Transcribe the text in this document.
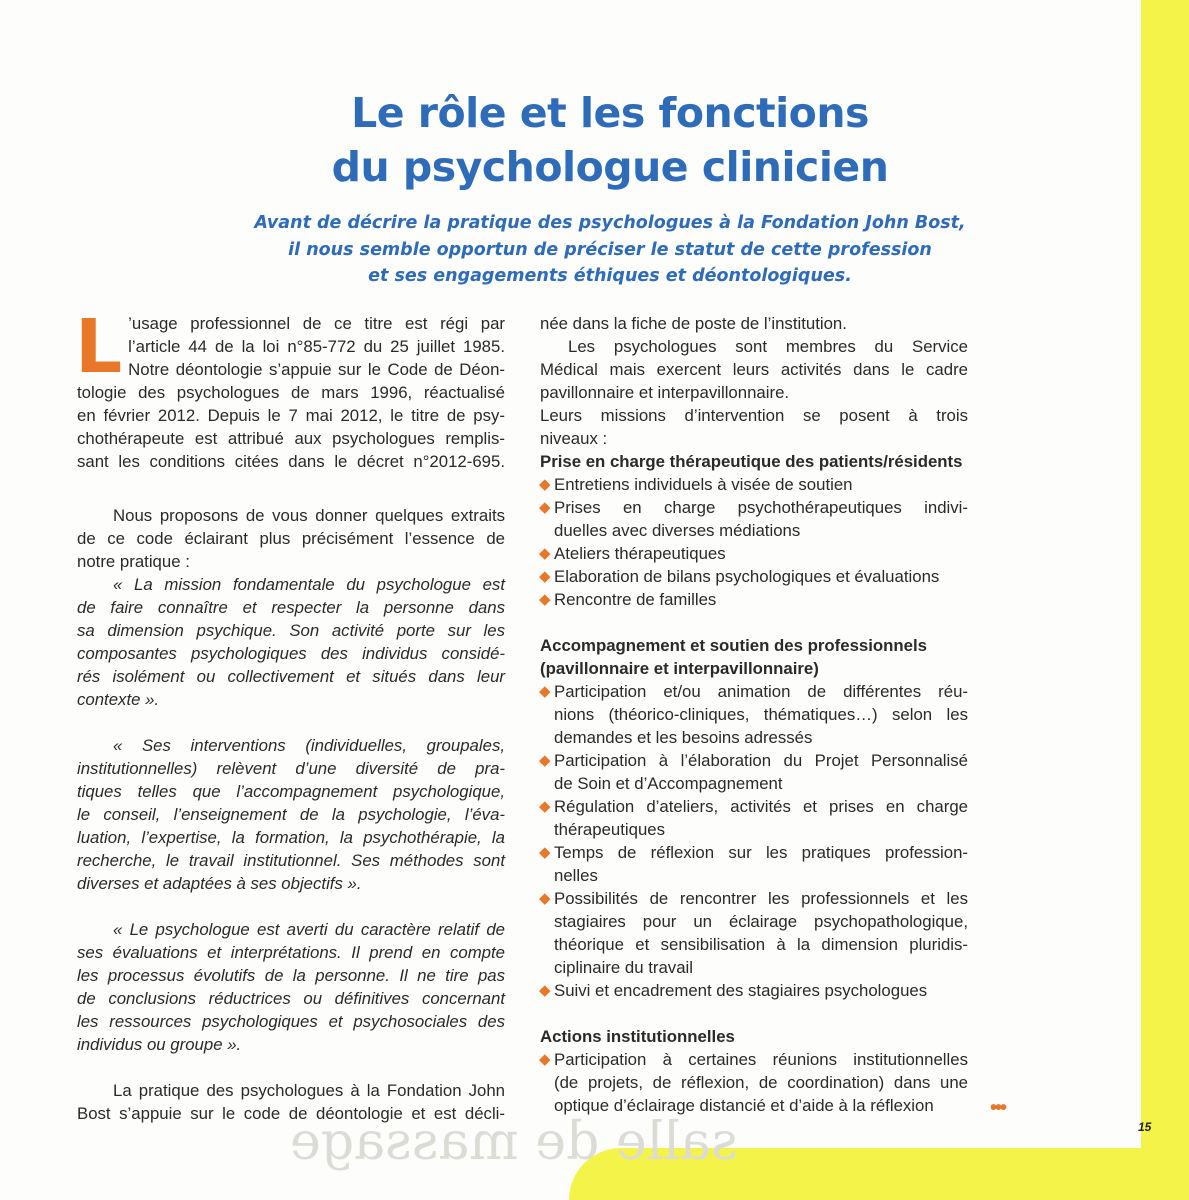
salle de massage
Le rôle et les fonctions
du psychologue clinicien
Avant de décrire la pratique des psychologues à la Fondation John Bost,
il nous semble opportun de préciser le statut de cette profession
et ses engagements éthiques et déontologiques.
L ’usage professionnel de ce titre est régi par
l’article 44 de la loi n°85-772 du 25 juillet 1985.
Notre déontologie s’appuie sur le Code de Déon-
tologie des psychologues de mars 1996, réactualisé
en février 2012. Depuis le 7 mai 2012, le titre de psy-
chothérapeute est attribué aux psychologues remplis-
sant les conditions citées dans le décret n°2012-695.
Nous proposons de vous donner quelques extraits
de ce code éclairant plus précisément l’essence de
notre pratique :
« La mission fondamentale du psychologue est
de faire connaître et respecter la personne dans
sa dimension psychique. Son activité porte sur les
composantes psychologiques des individus considé-
rés isolément ou collectivement et situés dans leur
contexte ».
« Ses interventions (individuelles, groupales,
institutionnelles) relèvent d’une diversité de pra-
tiques telles que l’accompagnement psychologique,
le conseil, l’enseignement de la psychologie, l’éva-
luation, l’expertise, la formation, la psychothérapie, la
recherche, le travail institutionnel. Ses méthodes sont
diverses et adaptées à ses objectifs ».
« Le psychologue est averti du caractère relatif de
ses évaluations et interprétations. Il prend en compte
les processus évolutifs de la personne. Il ne tire pas
de conclusions réductrices ou définitives concernant
les ressources psychologiques et psychosociales des
individus ou groupe ».
La pratique des psychologues à la Fondation John
Bost s’appuie sur le code de déontologie et est décli-
née dans la fiche de poste de l’institution.
Les psychologues sont membres du Service
Médical mais exercent leurs activités dans le cadre
pavillonnaire et interpavillonnaire.
Leurs missions d’intervention se posent à trois
niveaux :
Prise en charge thérapeutique des patients/résidents
◆ Entretiens individuels à visée de soutien
◆ Prises en charge psychothérapeutiques indivi-
duelles avec diverses médiations
◆ Ateliers thérapeutiques
◆ Elaboration de bilans psychologiques et évaluations
◆ Rencontre de familles
Accompagnement et soutien des professionnels
(pavillonnaire et interpavillonnaire)
◆ Participation et/ou animation de différentes réu-
nions (théorico-cliniques, thématiques…) selon les
demandes et les besoins adressés
◆ Participation à l’élaboration du Projet Personnalisé
de Soin et d’Accompagnement
◆ Régulation d’ateliers, activités et prises en charge
thérapeutiques
◆ Temps de réflexion sur les pratiques profession-
nelles
◆ Possibilités de rencontrer les professionnels et les
stagiaires pour un éclairage psychopathologique,
théorique et sensibilisation à la dimension pluridis-
ciplinaire du travail
◆ Suivi et encadrement des stagiaires psychologues
Actions institutionnelles
◆ Participation à certaines réunions institutionnelles
(de projets, de réflexion, de coordination) dans une
optique d’éclairage distancié et d’aide à la réflexion	•••
15
